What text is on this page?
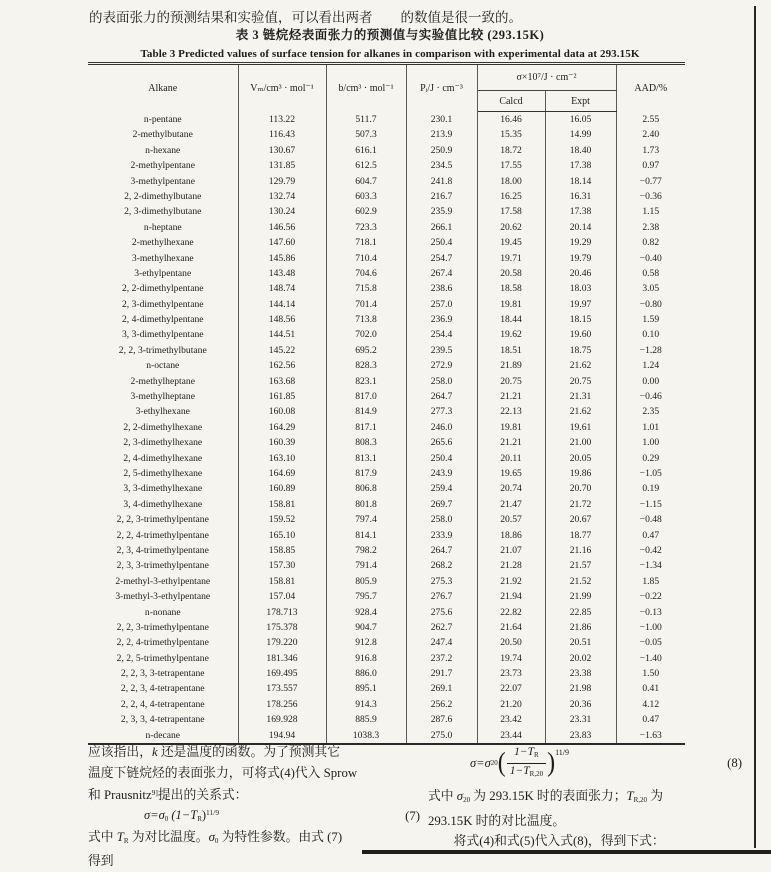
的表面张力的预测结果和实验值，可以看出两者 的数值是很一致的。
表 3 链烷烃表面张力的预测值与实验值比较 (293.15K)
Table 3 Predicted values of surface tension for alkanes in comparison with experimental data at 293.15K
Alkane	Vₘ/cm³ · mol⁻¹	b/cm³ · mol⁻¹	Pᵢ/J · cm⁻³	σ×10⁷/J · cm⁻²		AAD/%
				Calcd	Expt	
n-pentane	113.22	511.7	230.1	16.46	16.05	2.55
2-methylbutane	116.43	507.3	213.9	15.35	14.99	2.40
n-hexane	130.67	616.1	250.9	18.72	18.40	1.73
2-methylpentane	131.85	612.5	234.5	17.55	17.38	0.97
3-methylpentane	129.79	604.7	241.8	18.00	18.14	−0.77
2, 2-dimethylbutane	132.74	603.3	216.7	16.25	16.31	−0.36
2, 3-dimethylbutane	130.24	602.9	235.9	17.58	17.38	1.15
n-heptane	146.56	723.3	266.1	20.62	20.14	2.38
2-methylhexane	147.60	718.1	250.4	19.45	19.29	0.82
3-methylhexane	145.86	710.4	254.7	19.71	19.79	−0.40
3-ethylpentane	143.48	704.6	267.4	20.58	20.46	0.58
2, 2-dimethylpentane	148.74	715.8	238.6	18.58	18.03	3.05
2, 3-dimethylpentane	144.14	701.4	257.0	19.81	19.97	−0.80
2, 4-dimethylpentane	148.56	713.8	236.9	18.44	18.15	1.59
3, 3-dimethylpentane	144.51	702.0	254.4	19.62	19.60	0.10
2, 2, 3-trimethylbutane	145.22	695.2	239.5	18.51	18.75	−1.28
n-octane	162.56	828.3	272.9	21.89	21.62	1.24
2-methylheptane	163.68	823.1	258.0	20.75	20.75	0.00
3-methylheptane	161.85	817.0	264.7	21.21	21.31	−0.46
3-ethylhexane	160.08	814.9	277.3	22.13	21.62	2.35
2, 2-dimethylhexane	164.29	817.1	246.0	19.81	19.61	1.01
2, 3-dimethylhexane	160.39	808.3	265.6	21.21	21.00	1.00
2, 4-dimethylhexane	163.10	813.1	250.4	20.11	20.05	0.29
2, 5-dimethylhexane	164.69	817.9	243.9	19.65	19.86	−1.05
3, 3-dimethylhexane	160.89	806.8	259.4	20.74	20.70	0.19
3, 4-dimethylhexane	158.81	801.8	269.7	21.47	21.72	−1.15
2, 2, 3-trimethylpentane	159.52	797.4	258.0	20.57	20.67	−0.48
2, 2, 4-trimethylpentane	165.10	814.1	233.9	18.86	18.77	0.47
2, 3, 4-trimethylpentane	158.85	798.2	264.7	21.07	21.16	−0.42
2, 3, 3-trimethylpentane	157.30	791.4	268.2	21.28	21.57	−1.34
2-methyl-3-ethylpentane	158.81	805.9	275.3	21.92	21.52	1.85
3-methyl-3-ethylpentane	157.04	795.7	276.7	21.94	21.99	−0.22
n-nonane	178.713	928.4	275.6	22.82	22.85	−0.13
2, 2, 3-trimethylpentane	175.378	904.7	262.7	21.64	21.86	−1.00
2, 2, 4-trimethylpentane	179.220	912.8	247.4	20.50	20.51	−0.05
2, 2, 5-trimethylpentane	181.346	916.8	237.2	19.74	20.02	−1.40
2, 2, 3, 3-tetrapentane	169.495	886.0	291.7	23.73	23.38	1.50
2, 2, 3, 4-tetrapentane	173.557	895.1	269.1	22.07	21.98	0.41
2, 2, 4, 4-tetrapentane	178.256	914.3	256.2	21.20	20.36	4.12
2, 3, 3, 4-tetrapentane	169.928	885.9	287.6	23.42	23.31	0.47
n-decane	194.94	1038.3	275.0	23.44	23.83	−1.63
应该指出，k 还是温度的函数。为了预测其它
温度下链烷烃的表面张力，可将式(4)代入 Sprow
和 Prausnitz$^{9]}$提出的关系式：
$\sigma=\sigma_0$ $(1-T_R)^{11/9}$	(7)
式中 $T_R$ 为对比温度。$\sigma_0$ 为特性参数。由式 (7)
得到
σ=σ 20 ( $\frac{1-T_R}{1-T_{R,20}}$ ) 11/9
(8)
式中 $\sigma_{20}$ 为 293.15K 时的表面张力；$T_{R,20}$ 为
293.15K 时的对比温度。
将式(4)和式(5)代入式(8)，得到下式：
